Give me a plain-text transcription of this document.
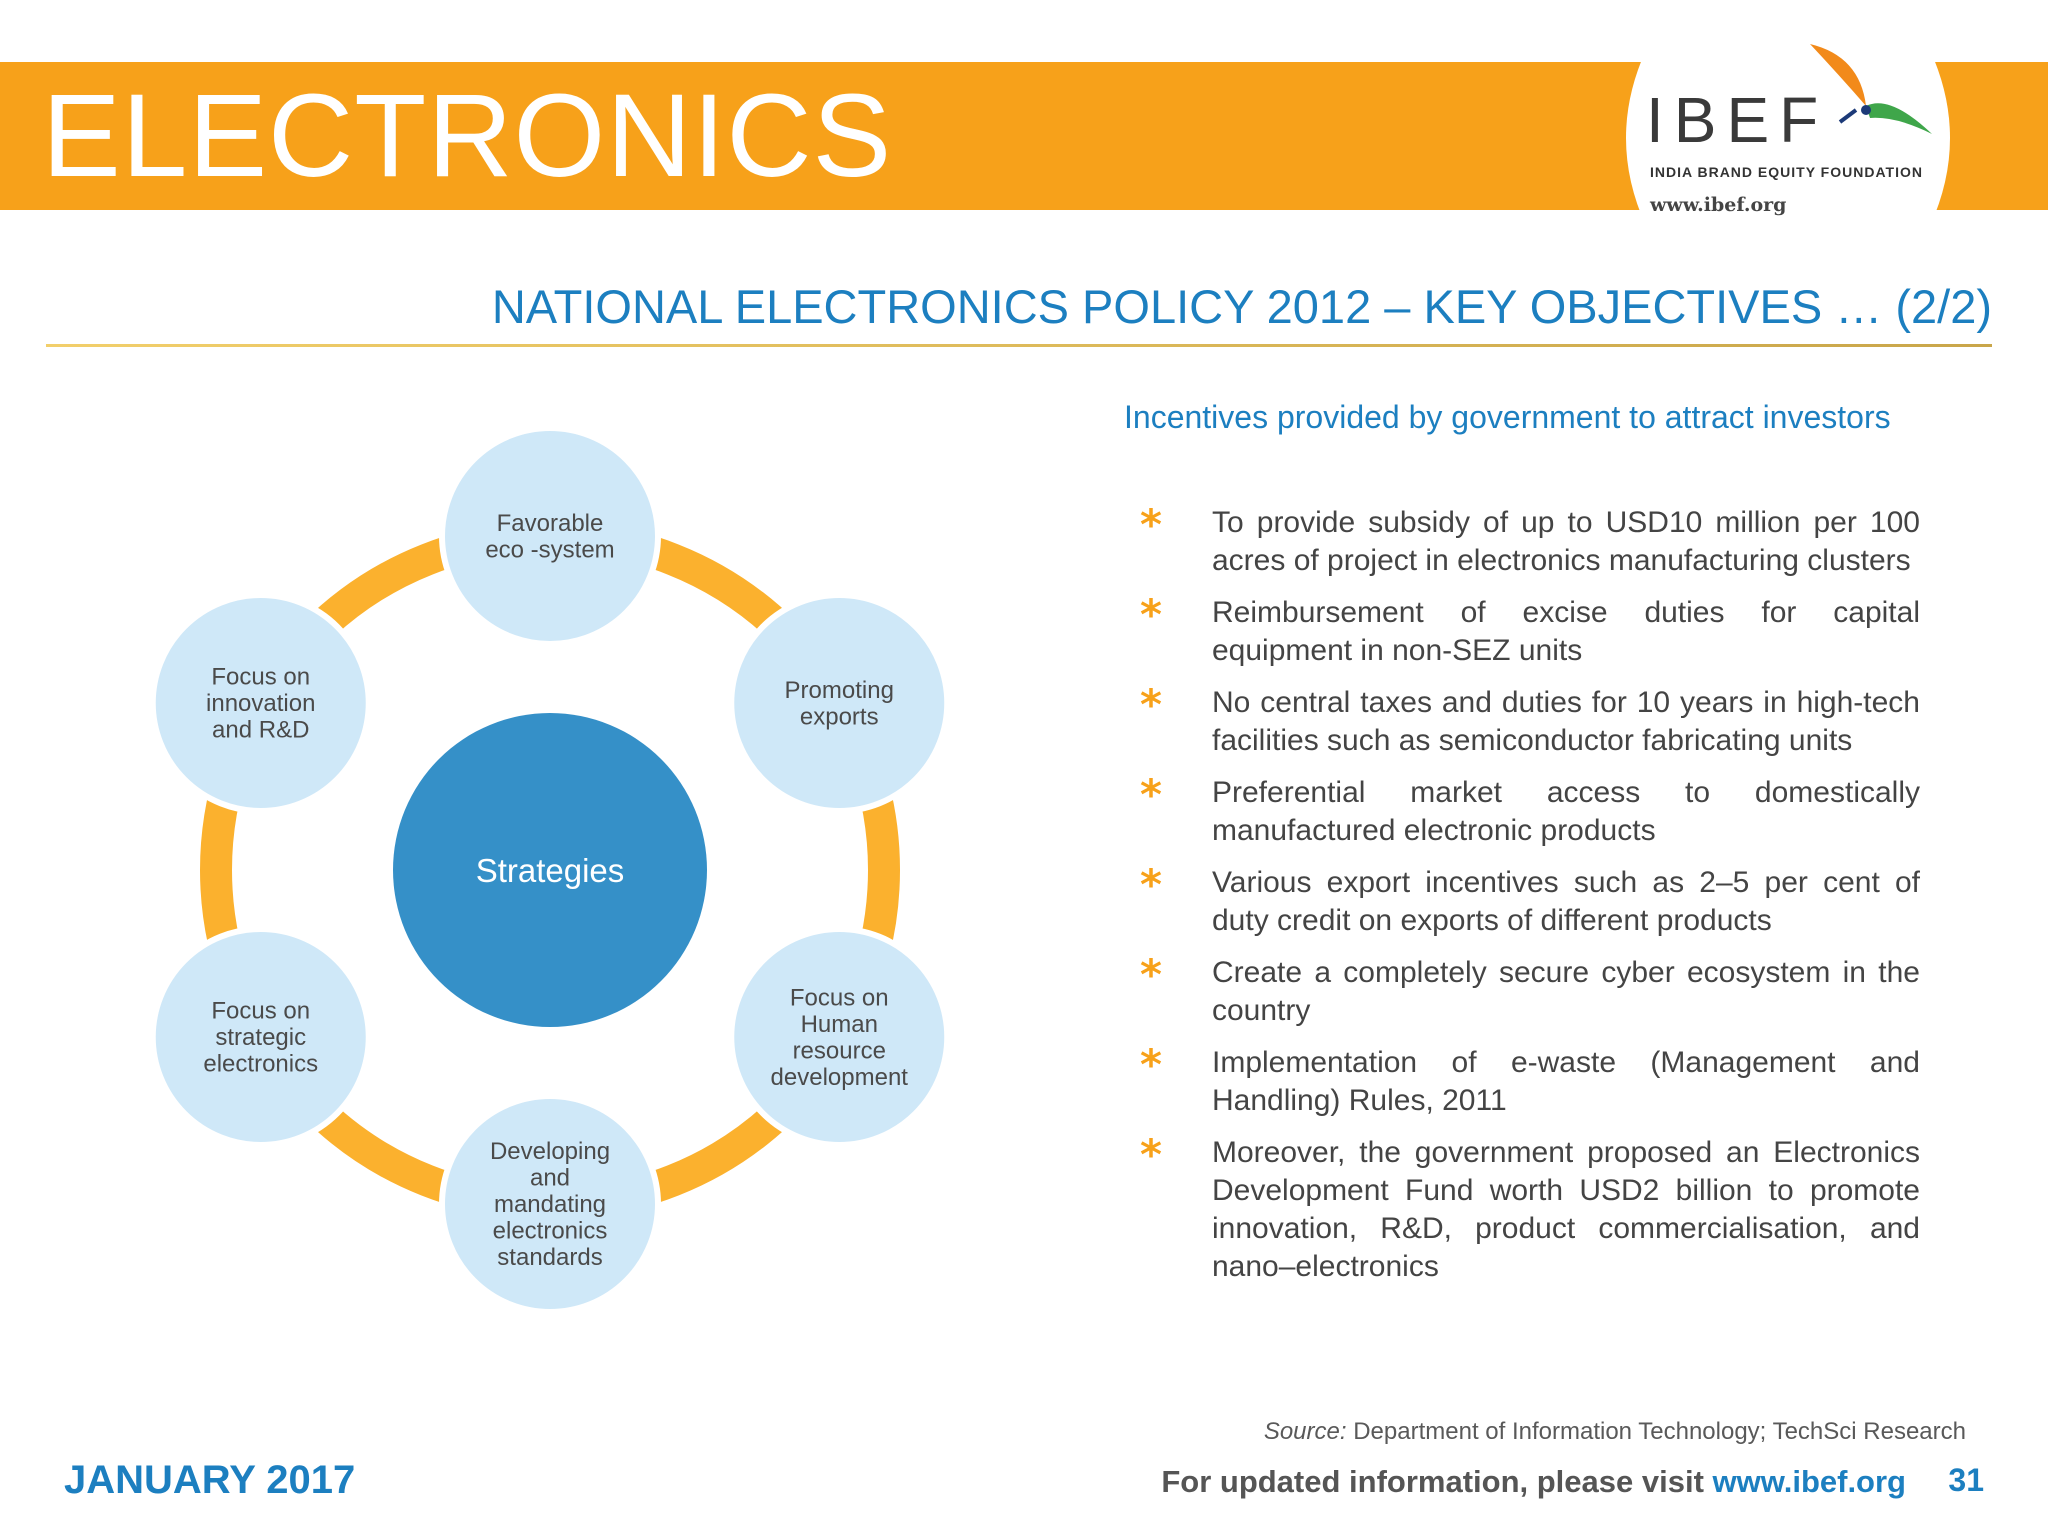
ELECTRONICS	IBEF
INDIA BRAND EQUITY FOUNDATION
www.ibef.org
NATIONAL ELECTRONICS POLICY 2012 – KEY OBJECTIVES … (2/2)
Strategies
Favorable
eco -system
Promoting
exports
Focus on
Human
resource
development
Developing
and
mandating
electronics
standards
Focus on
strategic
electronics
Focus on
innovation
and R&D
Incentives provided by government to attract investors
*	To provide subsidy of up to USD10 million per 100 acres of project in electronics manufacturing clusters
*	Reimbursement of excise duties for capital equipment in non-SEZ units
*	No central taxes and duties for 10 years in high-tech facilities such as semiconductor fabricating units
*	Preferential market access to domestically manufactured electronic products
*	Various export incentives such as 2–5 per cent of duty credit on exports of different products
*	Create a completely secure cyber ecosystem in the country
*	Implementation of e-waste (Management and Handling) Rules, 2011
*	Moreover, the government proposed an Electronics Development Fund worth USD2 billion to promote innovation, R&D, product commercialisation, and nano–electronics
Source: Department of Information Technology; TechSci Research
JANUARY 2017	For updated information, please visit www.ibef.org 31
